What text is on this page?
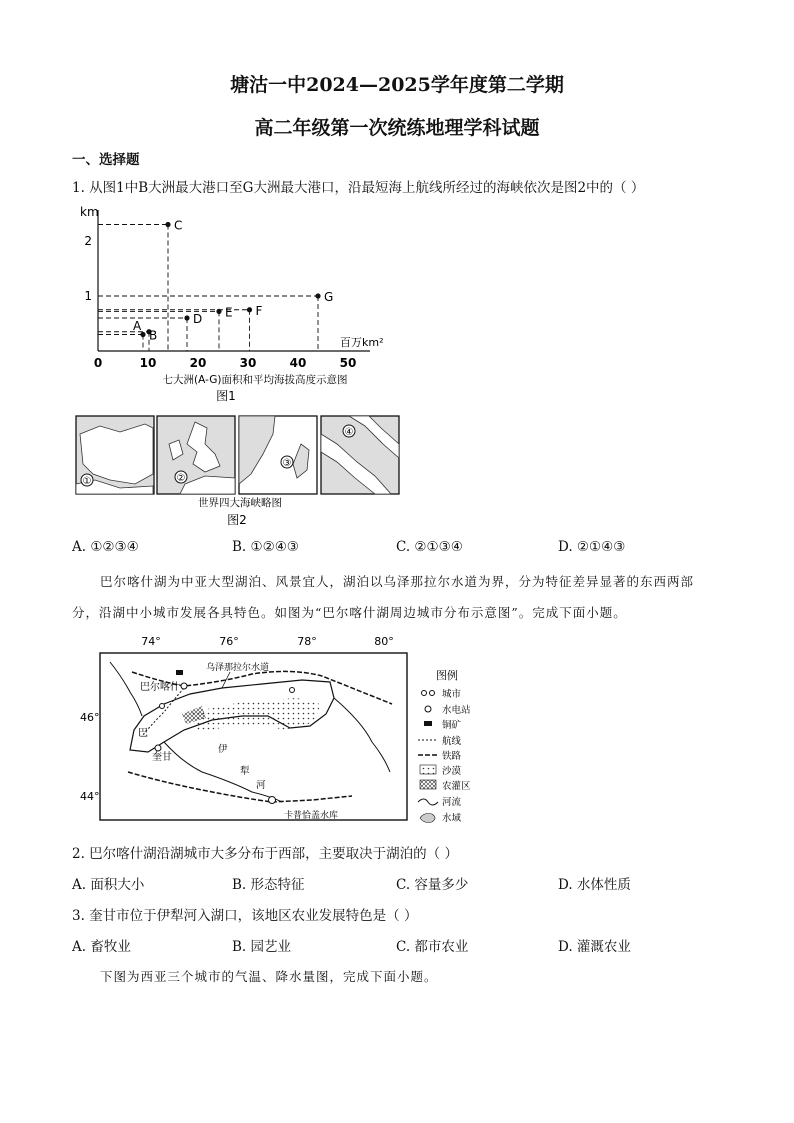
塘沽一中2024—2025学年度第二学期
高二年级第一次统练地理学科试题
一、选择题
1. 从图1中B大洲最大港口至G大洲最大港口，沿最短海上航线所经过的海峡依次是图2中的（ ）
km
百万km²
0	10	20	30	40	50
1
2
A
B
C
D E F
G
七大洲(A-G)面积和平均海拔高度示意图
图1
①	②
③
④
世界四大海峡略图
图2
A. ①②③④	B. ①②④③	C. ②①③④	D. ②①④③
巴尔喀什湖为中亚大型湖泊、风景宜人，湖泊以乌泽那拉尔水道为界，分为特征差异显著的东西两部
分，沿湖中小城市发展各具特色。如图为“巴尔喀什湖周边城市分布示意图”。完成下面小题。
74°	76°	78°	80°
46°
44°
巴尔喀什
巴
奎甘
乌泽那拉尔水道
伊
犁
河
卡普恰盖水库
图例
城市
水电站
铜矿
航线
铁路
沙漠
农灌区
河流
水域
2. 巴尔喀什湖沿湖城市大多分布于西部，主要取决于湖泊的（ ）
A. 面积大小	B. 形态特征	C. 容量多少	D. 水体性质
3. 奎甘市位于伊犁河入湖口，该地区农业发展特色是（ ）
A. 畜牧业	B. 园艺业	C. 都市农业	D. 灌溉农业
下图为西亚三个城市的气温、降水量图，完成下面小题。
